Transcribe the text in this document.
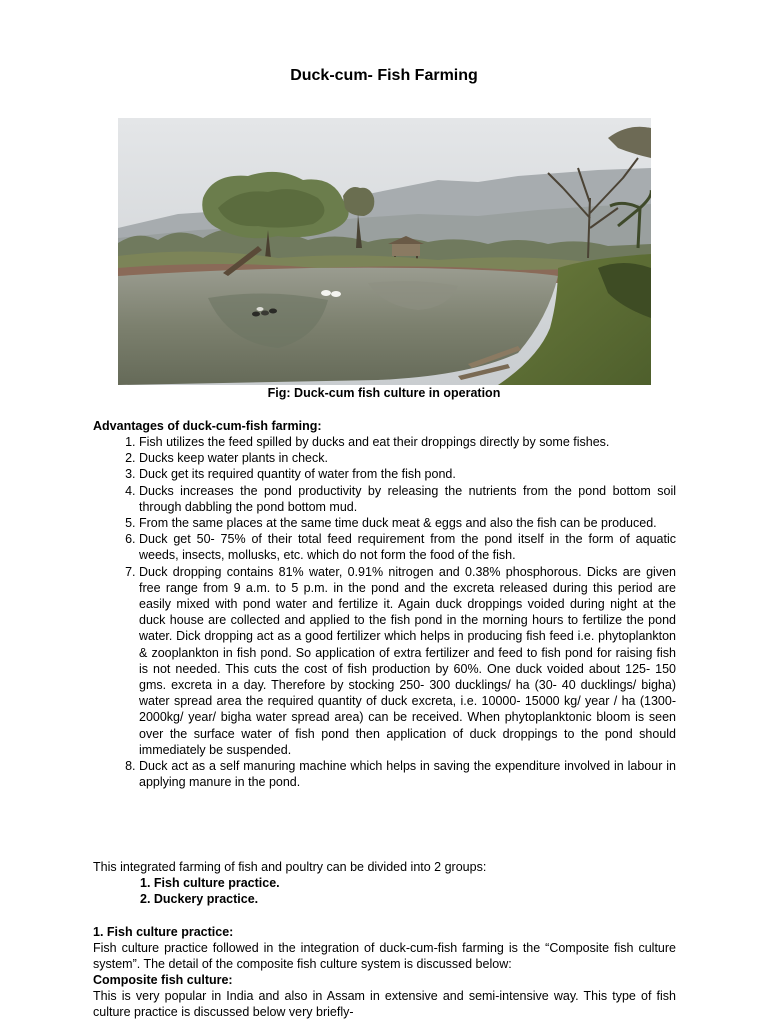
Duck-cum- Fish Farming
Fig: Duck-cum fish culture in operation
Advantages of duck-cum-fish farming:
1. Fish utilizes the feed spilled by ducks and eat their droppings directly by some fishes.
2. Ducks keep water plants in check.
3. Duck get its required quantity of water from the fish pond.
4. Ducks increases the pond productivity by releasing the nutrients from the pond bottom soil through dabbling the pond bottom mud.
5. From the same places at the same time duck meat & eggs and also the fish can be produced.
6. Duck get 50- 75% of their total feed requirement from the pond itself in the form of aquatic weeds, insects, mollusks, etc. which do not form the food of the fish.
7. Duck dropping contains 81% water, 0.91% nitrogen and 0.38% phosphorous. Dicks are given free range from 9 a.m. to 5 p.m. in the pond and the excreta released during this period are easily mixed with pond water and fertilize it. Again duck droppings voided during night at the duck house are collected and applied to the fish pond in the morning hours to fertilize the pond water. Dick dropping act as a good fertilizer which helps in producing fish feed i.e. phytoplankton & zooplankton in fish pond. So application of extra fertilizer and feed to fish pond for raising fish is not needed. This cuts the cost of fish production by 60%. One duck voided about 125- 150 gms. excreta in a day. Therefore by stocking 250- 300 ducklings/ ha (30- 40 ducklings/ bigha) water spread area the required quantity of duck excreta, i.e. 10000- 15000 kg/ year / ha (1300- 2000kg/ year/ bigha water spread area) can be received. When phytoplanktonic bloom is seen over the surface water of fish pond then application of duck droppings to the pond should immediately be suspended.
8. Duck act as a self manuring machine which helps in saving the expenditure involved in labour in applying manure in the pond.
This integrated farming of fish and poultry can be divided into 2 groups:
1. Fish culture practice.
2. Duckery practice.
1. Fish culture practice:
Fish culture practice followed in the integration of duck-cum-fish farming is the “Composite fish culture system”. The detail of the composite fish culture system is discussed below:
Composite fish culture:
This is very popular in India and also in Assam in extensive and semi-intensive way. This type of fish culture practice is discussed below very briefly-
